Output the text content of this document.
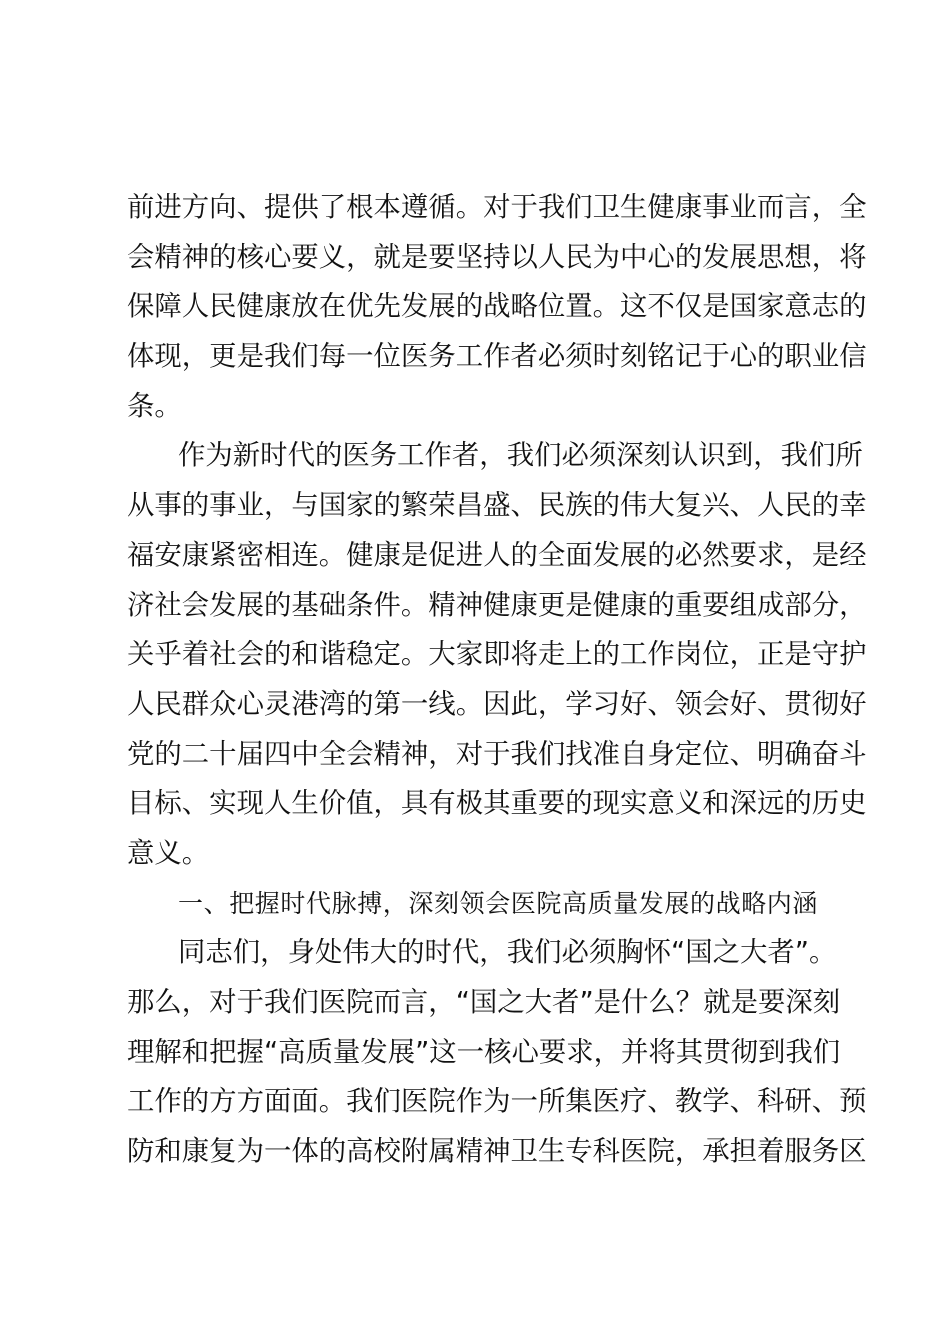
前进方向、提供了根本遵循。对于我们卫生健康事业而言，全
会精神的核心要义，就是要坚持以人民为中心的发展思想，将
保障人民健康放在优先发展的战略位置。这不仅是国家意志的
体现，更是我们每一位医务工作者必须时刻铭记于心的职业信
条。
作为新时代的医务工作者，我们必须深刻认识到，我们所
从事的事业，与国家的繁荣昌盛、民族的伟大复兴、人民的幸
福安康紧密相连。健康是促进人的全面发展的必然要求，是经
济社会发展的基础条件。精神健康更是健康的重要组成部分，
关乎着社会的和谐稳定。大家即将走上的工作岗位，正是守护
人民群众心灵港湾的第一线。因此，学习好、领会好、贯彻好
党的二十届四中全会精神，对于我们找准自身定位、明确奋斗
目标、实现人生价值，具有极其重要的现实意义和深远的历史
意义。
一、把握时代脉搏，深刻领会医院高质量发展的战略内涵
同志们，身处伟大的时代，我们必须胸怀“国之大者”。
那么，对于我们医院而言，“国之大者”是什么？就是要深刻
理解和把握“高质量发展”这一核心要求，并将其贯彻到我们
工作的方方面面。我们医院作为一所集医疗、教学、科研、预
防和康复为一体的高校附属精神卫生专科医院，承担着服务区
